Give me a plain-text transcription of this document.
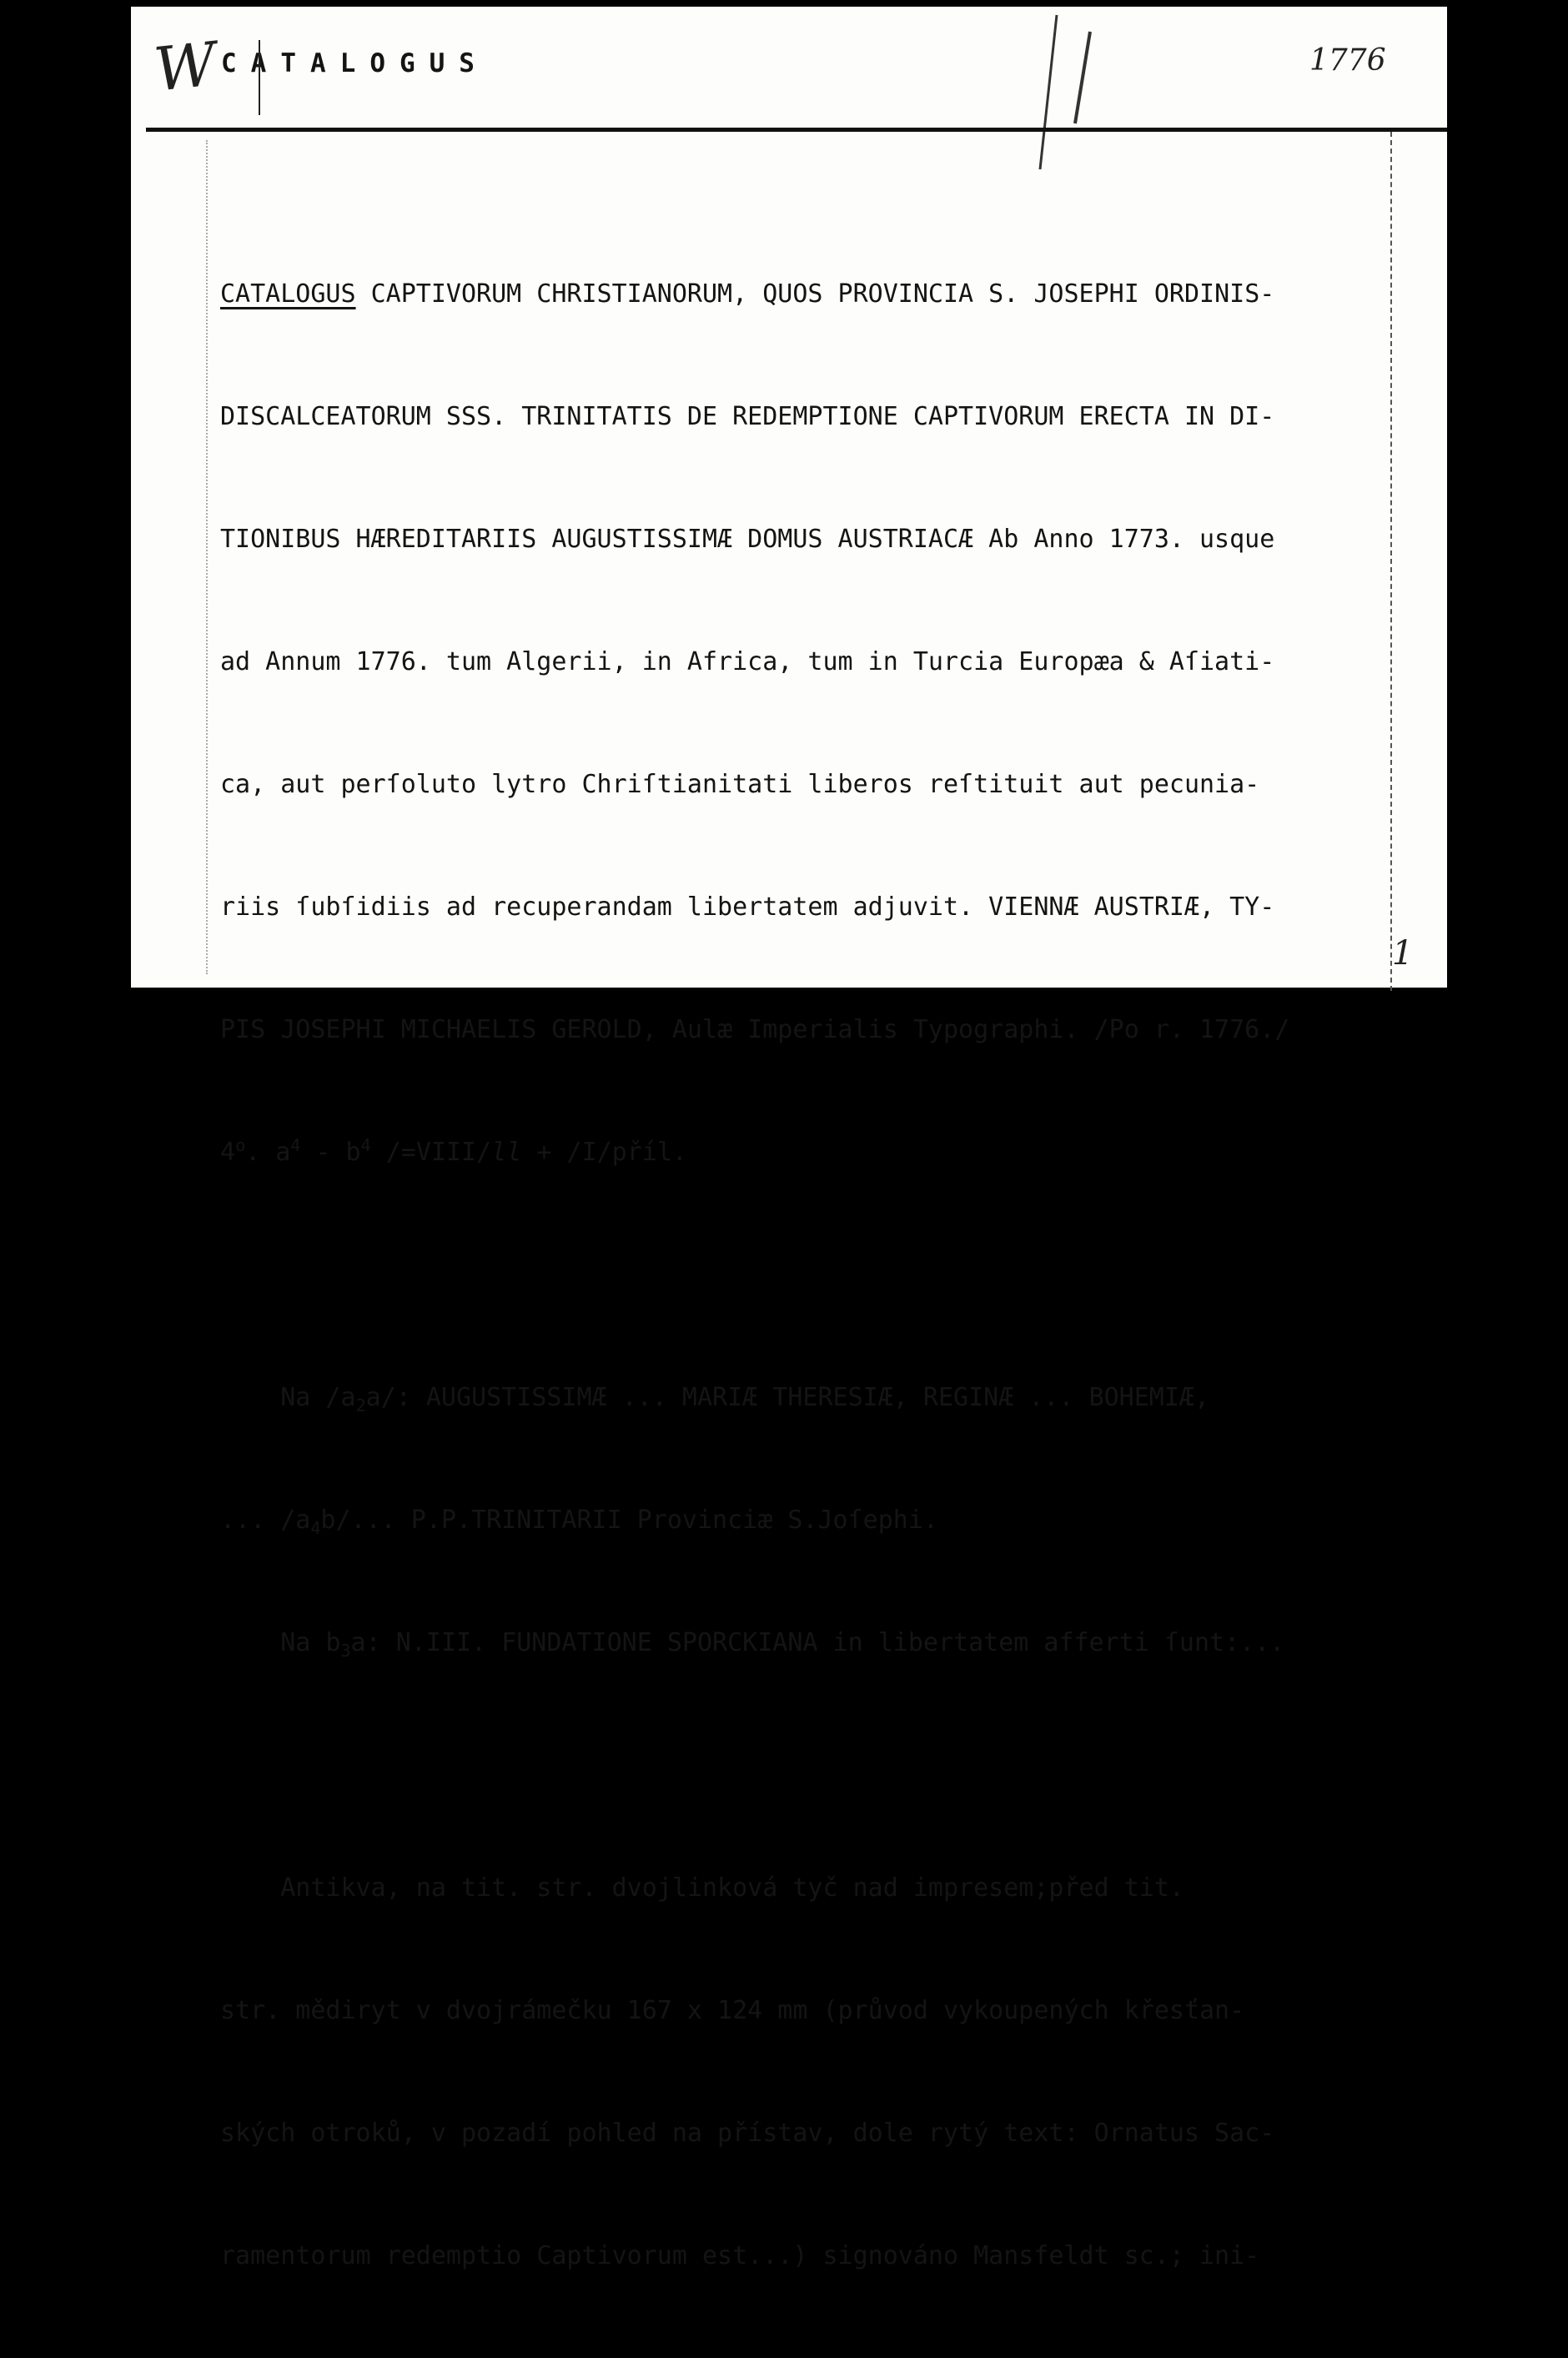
W CATALOGUS	1776

CATALOGUS CAPTIVORUM CHRISTIANORUM, QUOS PROVINCIA S. JOSEPHI ORDINIS-

DISCALCEATORUM SSS. TRINITATIS DE REDEMPTIONE CAPTIVORUM ERECTA IN DI-

TIONIBUS HÆREDITARIIS AUGUSTISSIMÆ DOMUS AUSTRIACÆ Ab Anno 1773. usque

ad Annum 1776. tum Algerii, in Africa, tum in Turcia Europæa & Aſiati-

ca, aut perſoluto lytro Chriſtianitati liberos reſtituit aut pecunia-

riis ſubſidiis ad recuperandam libertatem adjuvit. VIENNÆ AUSTRIÆ, TY-

PIS JOSEPHI MICHAELIS GEROLD, Aulæ Imperialis Typographi. /Po r. 1776./

4$^o$. $a^4 - b^4$ /=VIII/ll + /I/příl.

Na $/a_2a/$: AUGUSTISSIMÆ ... MARIÆ THERESIÆ, REGINÆ ... BOHEMIÆ,

... $/a_4b/$... P.P.TRINITARII Provinciæ S.Joſephi.

Na $b_3a$: N.III. FUNDATIONE SPORCKIANA in libertatem afferti ſunt:...

Antikva, na tit. str. dvojlinková tyč nad impresem;před tit.

str. mědiryt v dvojrámečku 167 x 124 mm (průvod vykoupených křesťan-

ských otroků, v pozadí pohled na přístav, dole rytý text: Ornatus Sac-

ramentorum redemptio Captivorum est...) signováno Mansfeldt sc.; ini-

1
